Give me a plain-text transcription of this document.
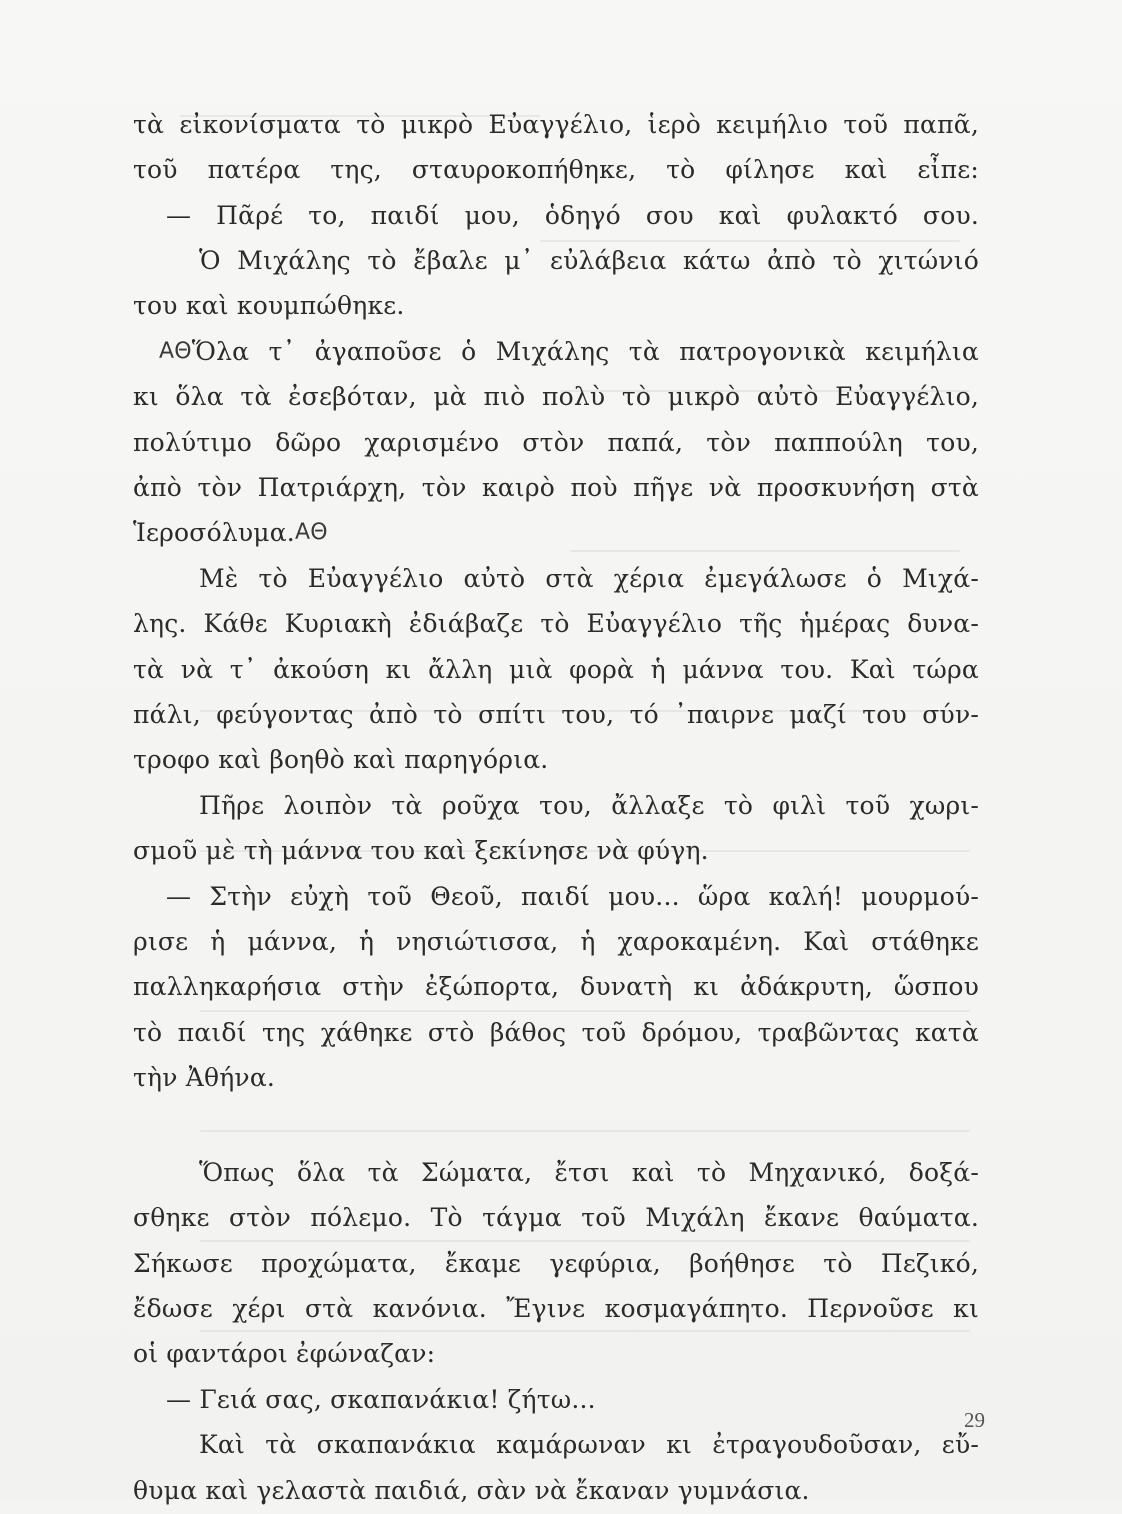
τὰ εἰκονίσματα τὸ μικρὸ Εὐαγγέλιο, ἱερὸ κειμήλιο τοῦ παπᾶ,
τοῦ πατέρα της, σταυροκοπήθηκε, τὸ φίλησε καὶ εἶπε:
— Πᾶρέ το, παιδί μου, ὁδηγό σου καὶ φυλακτό σου.
Ὁ Μιχάλης τὸ ἔβαλε μ᾽ εὐλάβεια κάτω ἀπὸ τὸ χιτώνιό
του καὶ κουμπώθηκε.
ΑΘὍλα τ᾽ ἀγαποῦσε ὁ Μιχάλης τὰ πατρογονικὰ κειμήλια
κι ὅλα τὰ ἐσεβόταν, μὰ πιὸ πολὺ τὸ μικρὸ αὐτὸ Εὐαγγέλιο,
πολύτιμο δῶρο χαρισμένο στὸν παπά, τὸν παππούλη του,
ἀπὸ τὸν Πατριάρχη, τὸν καιρὸ ποὺ πῆγε νὰ προσκυνήση στὰ
Ἱεροσόλυμα.ΑΘ
Μὲ τὸ Εὐαγγέλιο αὐτὸ στὰ χέρια ἐμεγάλωσε ὁ Μιχά-
λης. Κάθε Κυριακὴ ἐδιάβαζε τὸ Εὐαγγέλιο τῆς ἡμέρας δυνα-
τὰ νὰ τ᾽ ἀκούση κι ἄλλη μιὰ φορὰ ἡ μάννα του. Καὶ τώρα
πάλι, φεύγοντας ἀπὸ τὸ σπίτι του, τό ᾽παιρνε μαζί του σύν-
τροφο καὶ βοηθὸ καὶ παρηγόρια.
Πῆρε λοιπὸν τὰ ροῦχα του, ἄλλαξε τὸ φιλὶ τοῦ χωρι-
σμοῦ μὲ τὴ μάννα του καὶ ξεκίνησε νὰ φύγη.
— Στὴν εὐχὴ τοῦ Θεοῦ, παιδί μου... ὥρα καλή! μουρμού-
ρισε ἡ μάννα, ἡ νησιώτισσα, ἡ χαροκαμένη. Καὶ στάθηκε
παλληκαρήσια στὴν ἐξώπορτα, δυνατὴ κι ἀδάκρυτη, ὥσπου
τὸ παιδί της χάθηκε στὸ βάθος τοῦ δρόμου, τραβῶντας κατὰ
τὴν Ἀθήνα.
Ὅπως ὅλα τὰ Σώματα, ἔτσι καὶ τὸ Μηχανικό, δοξά-
σθηκε στὸν πόλεμο. Τὸ τάγμα τοῦ Μιχάλη ἔκανε θαύματα.
Σήκωσε προχώματα, ἔκαμε γεφύρια, βοήθησε τὸ Πεζικό,
ἔδωσε χέρι στὰ κανόνια. Ἔγινε κοσμαγάπητο. Περνοῦσε κι
οἱ φαντάροι ἐφώναζαν:
— Γειά σας, σκαπανάκια! ζήτω...
Καὶ τὰ σκαπανάκια καμάρωναν κι ἐτραγουδοῦσαν, εὔ-
θυμα καὶ γελαστὰ παιδιά, σὰν νὰ ἔκαναν γυμνάσια.
29
